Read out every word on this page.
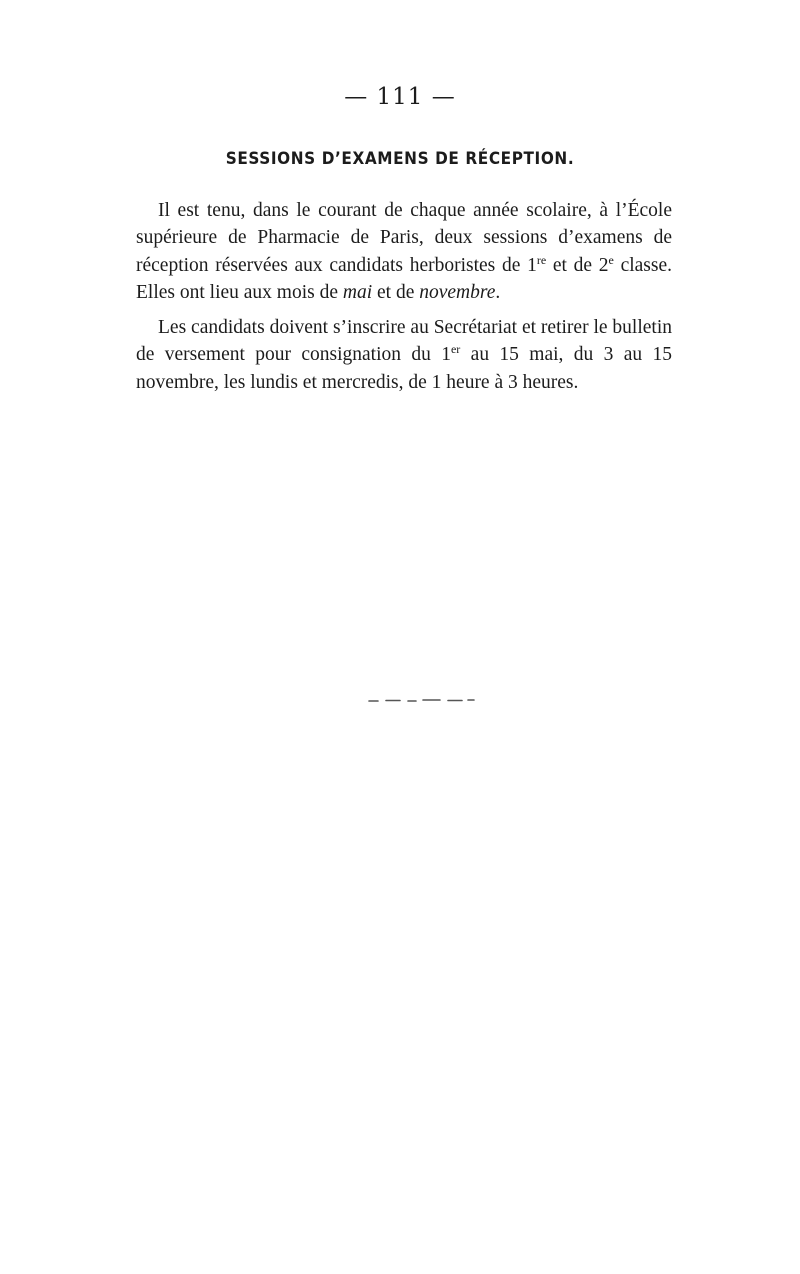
— 111 —
SESSIONS D’EXAMENS DE RÉCEPTION.

Il est tenu, dans le courant de chaque année scolaire, à l’École supérieure de Pharmacie de Paris, deux sessions d’examens de réception réservées aux candidats herboristes de 1re et de 2e classe. Elles ont lieu aux mois de mai et de novembre.

Les candidats doivent s’inscrire au Secrétariat et retirer le bulletin de versement pour consignation du 1er au 15 mai, du 3 au 15 novembre, les lundis et mercredis, de 1 heure à 3 heures.
